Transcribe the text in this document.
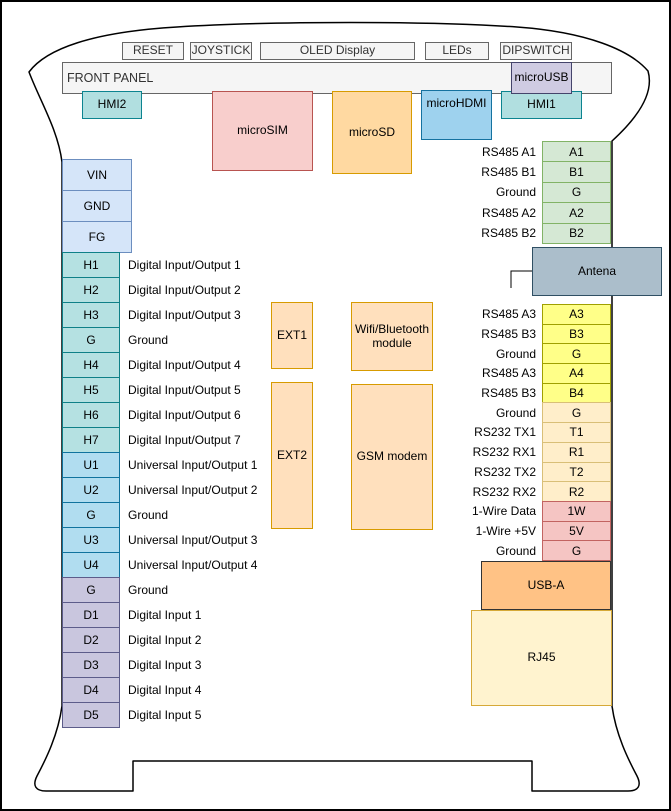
RESET	JOYSTICK	OLED Display	LEDs	DIPSWITCH
FRONT PANEL	microUSB
HMI2
microSIM	microSD
microHDMI	HMI1
VIN
GND
FG
H1	Digital Input/Output 1
H2	Digital Input/Output 2
H3	Digital Input/Output 3
G	Ground
H4	Digital Input/Output 4
H5	Digital Input/Output 5
H6	Digital Input/Output 6
H7	Digital Input/Output 7
U1	Universal Input/Output 1
U2	Universal Input/Output 2
G	Ground
U3	Universal Input/Output 3
U4	Universal Input/Output 4
G	Ground
D1	Digital Input 1
D2	Digital Input 2
D3	Digital Input 3
D4	Digital Input 4
D5	Digital Input 5
RS485 A1	A1
RS485 B1	B1
Ground	G
RS485 A2	A2
RS485 B2	B2
Antena
RS485 A3	A3
RS485 B3	B3
Ground	G
RS485 A3	A4
RS485 B3	B4
Ground	G
RS232 TX1	T1
RS232 RX1	R1
RS232 TX2	T2
RS232 RX2	R2
1-Wire Data	1W
1-Wire +5V	5V
Ground	G
EXT1	Wifi/Bluetooth module
EXT2	GSM modem
USB-A
RJ45
